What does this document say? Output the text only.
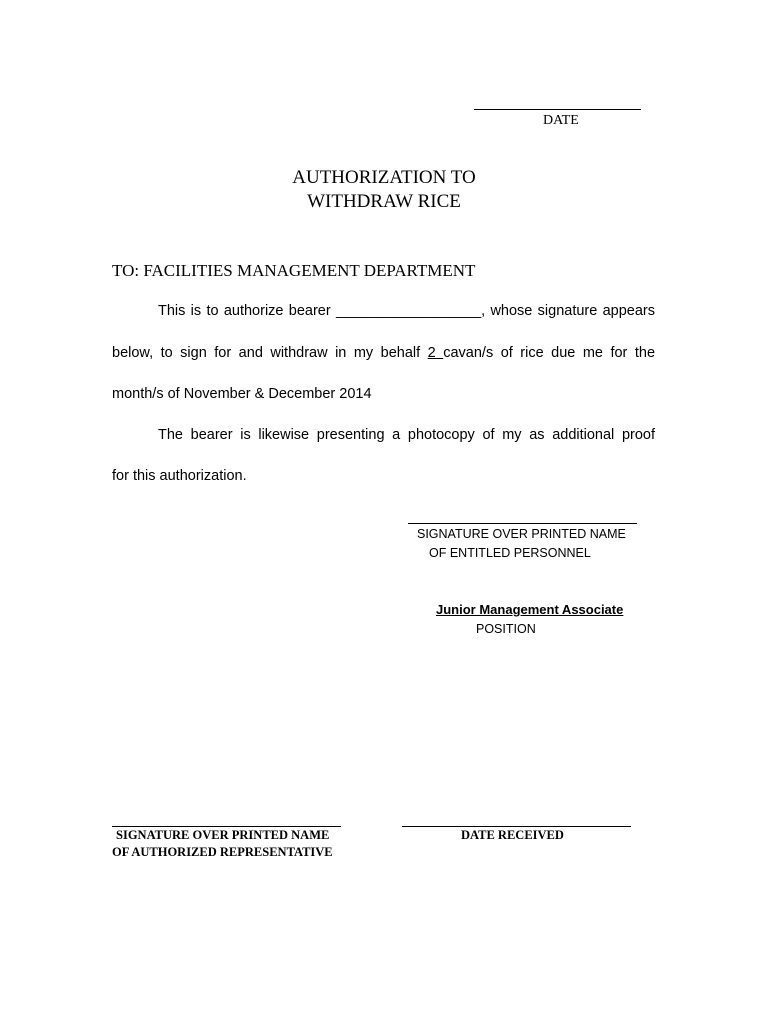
DATE
AUTHORIZATION TO
WITHDRAW RICE
TO: FACILITIES MANAGEMENT DEPARTMENT
This is to authorize bearer __________________, whose signature appears
below, to sign for and withdraw in my behalf 2 cavan/s of rice due me for the
month/s of November & December 2014
The bearer is likewise presenting a photocopy of my as additional proof
for this authorization.
SIGNATURE OVER PRINTED NAME
OF ENTITLED PERSONNEL
Junior Management Associate
POSITION
SIGNATURE OVER PRINTED NAME
OF AUTHORIZED REPRESENTATIVE
DATE RECEIVED
